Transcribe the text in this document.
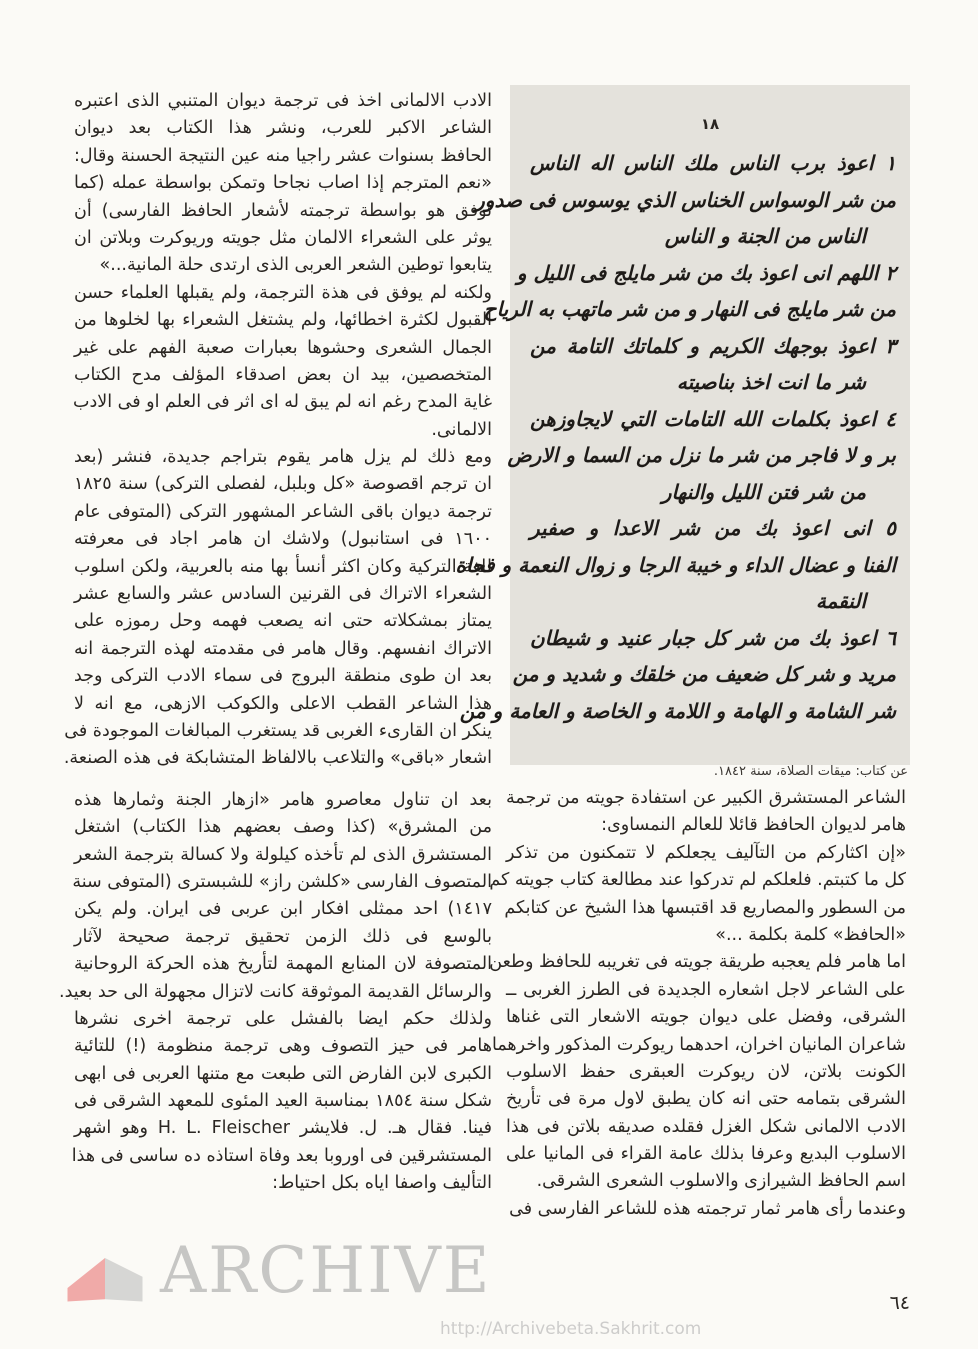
الادب الالمانى اخذ فى ترجمة ديوان المتنبي الذى اعتبره
الشاعر الاكبر للعرب، ونشر هذا الكتاب بعد ديوان
الحافظ بسنوات عشر راجيا منه عين النتيجة الحسنة وقال:
«نعم المترجم إذا اصاب نجاحا وتمكن بواسطة عمله (كما
توفق هو بواسطة ترجمته لأشعار الحافظ الفارسى) أن
يوثر على الشعراء الالمان مثل جويته وريوكرت وبلاتن ان
يتابعوا توطين الشعر العربى الذى ارتدى حلة المانية...»
ولكنه لم يوفق فى هذة الترجمة، ولم يقبلها العلماء حسن
القبول لكثرة اخطائها، ولم يشتغل الشعراء بها لخلوها من
الجمال الشعرى وحشوها بعبارات صعبة الفهم على غير
المتخصصين، بيد ان بعض اصدقاء المؤلف مدح الكتاب
غاية المدح رغم انه لم يبق له اى اثر فى العلم او فى الادب
الالمانى.
ومع ذلك لم يزل هامر يقوم بتراجم جديدة، فنشر (بعد
ان ترجم اقصوصة «كل وبلبل، لفصلى التركى) سنة ١٨٢٥
ترجمة ديوان باقى الشاعر المشهور التركى (المتوفى عام
١٦٠٠ فى استانبول) ولاشك ان هامر اجاد فى معرفته
للغة التركية وكان اكثر أنسأ بها منه بالعربية، ولكن اسلوب
الشعراء الاتراك فى القرنين السادس عشر والسابع عشر
يمتاز بمشكلاته حتى انه يصعب فهمه وحل رموزه على
الاتراك انفسهم. وقال هامر فى مقدمته لهذه الترجمة انه
بعد ان طوى منطقة البروج فى سماء الادب التركى وجد
هذا الشاعر القطب الاعلى والكوكب الازهى، مع انه لا
ينكر ان القارىء الغربى قد يستغرب المبالغات الموجودة فى
اشعار «باقى» والتلاعب بالالفاظ المتشابكة فى هذه الصنعة.
بعد ان تناول معاصرو هامر «ازهار الجنة وثمارها هذه
من المشرق» (كذا وصف بعضهم هذا الكتاب) اشتغل
المستشرق الذى لم تأخذه كيلولة ولا كسالة بترجمة الشعر
المتصوف الفارسى «كلشن راز» للشبسترى (المتوفى سنة
١٤١٧) احد ممثلى افكار ابن عربى فى ايران. ولم يكن
بالوسع فى ذلك الزمن تحقيق ترجمة صحيحة لآثار
المتصوفة لان المنابع المهمة لتأريخ هذه الحركة الروحانية
والرسائل القديمة الموثوقة كانت لاتزال مجهولة الى حد بعيد.
ولذلك حكم ايضا بالفشل على ترجمة اخرى نشرها
هامر فى حيز التصوف وهى ترجمة منظومة (!) للتائية
الكبرى لابن الفارض التى طبعت مع متنها العربى فى ابهى
شكل سنة ١٨٥٤ بمناسبة العيد المئوى للمعهد الشرقى فى
فينا. فقال هـ. ل. فلايشر H. L. Fleischer وهو اشهر
المستشرقين فى اوروبا بعد وفاة استاذه ده ساسى فى هذا
التأليف واصفا اياه بكل احتياط:
١٨
١ اعوذ برب الناس ملك الناس اله الناس
من شر الوسواس الخناس الذي يوسوس فى صدور
الناس من الجنة و الناس
٢ اللهم انى اعوذ بك من شر مايلج فى الليل و
من شر مايلج فى النهار و من شر ماتهب به الرياح
٣ اعوذ بوجهك الكريم و كلماتك التامة من
شر ما انت اخذ بناصيته
٤ اعوذ بكلمات الله التامات التي لايجاوزهن
بر و لا فاجر من شر ما نزل من السما و الارض
من شر فتن الليل والنهار
٥ انى اعوذ بك من شر الاعدا و صفير
الفنا و عضال الداء و خيبة الرجا و زوال النعمة و فجاة
النقمة
٦ اعوذ بك من شر كل جبار عنيد و شيطان
مريد و شر كل ضعيف من خلقك و شديد و من
شر الشامة و الهامة و اللامة و الخاصة و العامة و من
عن كتاب: ميقات الصلاة، سنة ١٨٤٢.
الشاعر المستشرق الكبير عن استفادة جويته من ترجمة
هامر لديوان الحافظ قائلا للعالم النمساوى:
«إن اكثاركم من التآليف يجعلكم لا تتمكنون من تذكر
كل ما كتبتم. فلعلكم لم تدركوا عند مطالعة كتاب جويته كم
من السطور والمصاريع قد اقتبسها هذا الشيخ عن كتابكم
«الحافظ» كلمة بكلمة ...»
اما هامر فلم يعجبه طريقة جويته فى تغريبه للحافظ وطعن
على الشاعر لاجل اشعاره الجديدة فى الطرز الغربى ــ
الشرقى، وفضل على ديوان جويته الاشعار التى غناها
شاعران المانيان اخران، احدهما ريوكرت المذكور واخرهما
الكونت بلاتن، لان ريوكرت العبقرى حفظ الاسلوب
الشرقى بتمامه حتى انه كان يطبق لاول مرة فى تأريخ
الادب الالمانى شكل الغزل فقلده صديقه بلاتن فى هذا
الاسلوب البديع وعرفا بذلك عامة القراء فى المانيا على
اسم الحافظ الشيرازى والاسلوب الشعرى الشرقى.
وعندما رأى هامر ثمار ترجمته هذه للشاعر الفارسى فى
٦٤
ARCHIVE
http://Archivebeta.Sakhrit.com
